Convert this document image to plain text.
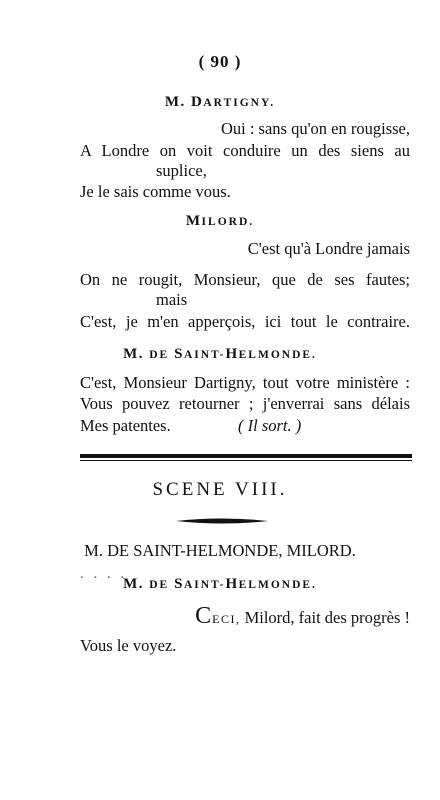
( 90 )
M. DARTIGNY.
Oui : sans qu'on en rougisse,
A Londre on voit conduire un des siens au
suplice,
Je le sais comme vous.
MILORD.
C'est qu'à Londre jamais
On ne rougit, Monsieur, que de ses fautes;
mais
C'est, je m'en apperçois, ici tout le contraire.
M. DE SAINT-HELMONDE.
C'est, Monsieur Dartigny, tout votre ministère :
Vous pouvez retourner ; j'enverrai sans délais
Mes patentes.	( Il sort. )
SCENE VIII.
M. DE SAINT-HELMONDE, MILORD.
. . . .
M. DE SAINT-HELMONDE.
CECI, Milord, fait des progrès !
Vous le voyez.
